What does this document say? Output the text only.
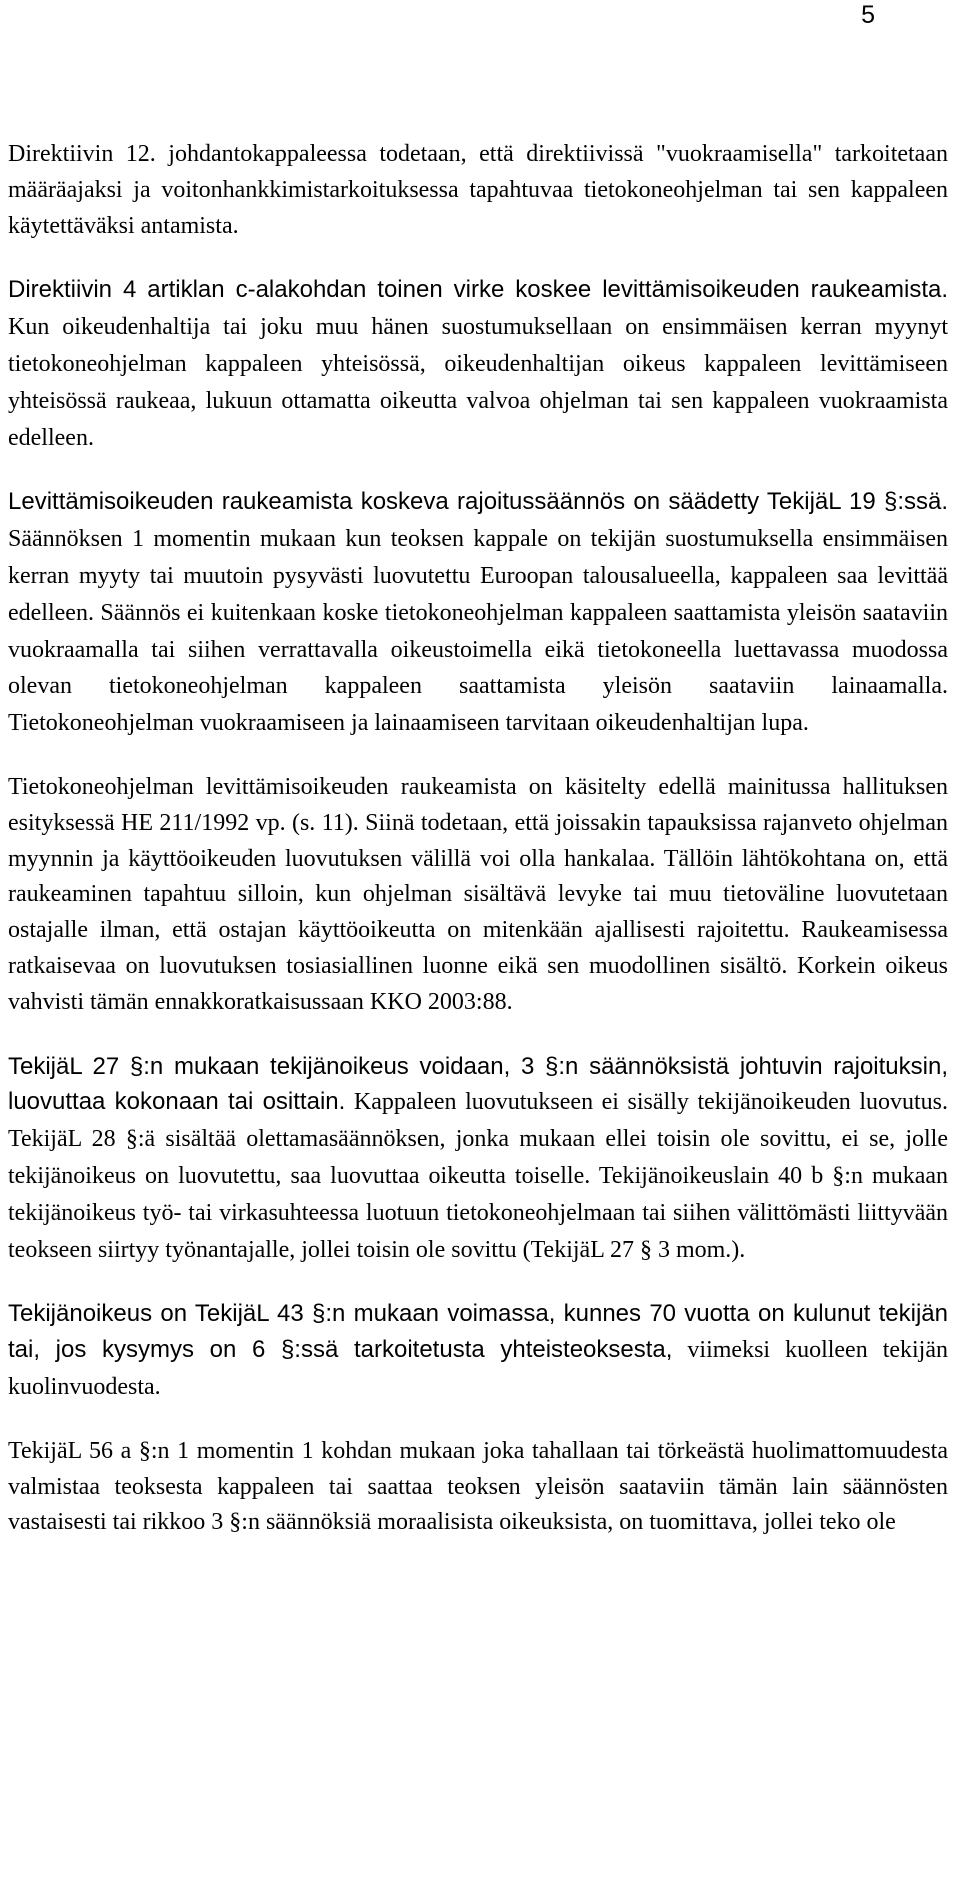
5

Direktiivin 12. johdantokappaleessa todetaan, että direktiivissä "vuokraamisella" tarkoitetaan määräajaksi ja voitonhankkimistarkoituksessa tapahtuvaa tietokoneohjelman tai sen kappaleen käytettäväksi antamista.

Direktiivin 4 artiklan c-alakohdan toinen virke koskee levittämisoikeuden raukeamista. Kun oikeudenhaltija tai joku muu hänen suostumuksellaan on ensimmäisen kerran myynyt tietokoneohjelman kappaleen yhteisössä, oikeudenhaltijan oikeus kappaleen levittämiseen yhteisössä raukeaa, lukuun ottamatta oikeutta valvoa ohjelman tai sen kappaleen vuokraamista edelleen.

Levittämisoikeuden raukeamista koskeva rajoitussäännös on säädetty TekijäL 19 §:ssä. Säännöksen 1 momentin mukaan kun teoksen kappale on tekijän suostumuksella ensimmäisen kerran myyty tai muutoin pysyvästi luovutettu Euroopan talousalueella, kappaleen saa levittää edelleen. Säännös ei kuitenkaan koske tietokoneohjelman kappaleen saattamista yleisön saataviin vuokraamalla tai siihen verrattavalla oikeustoimella eikä tietokoneella luettavassa muodossa olevan tietokoneohjelman kappaleen saattamista yleisön saataviin lainaamalla. Tietokoneohjelman vuokraamiseen ja lainaamiseen tarvitaan oikeudenhaltijan lupa.

Tietokoneohjelman levittämisoikeuden raukeamista on käsitelty edellä mainitussa hallituksen esityksessä HE 211/1992 vp. (s. 11). Siinä todetaan, että joissakin tapauksissa rajanveto ohjelman myynnin ja käyttöoikeuden luovutuksen välillä voi olla hankalaa. Tällöin lähtökohtana on, että raukeaminen tapahtuu silloin, kun ohjelman sisältävä levyke tai muu tietoväline luovutetaan ostajalle ilman, että ostajan käyttöoikeutta on mitenkään ajallisesti rajoitettu. Raukeamisessa ratkaisevaa on luovutuksen tosiasiallinen luonne eikä sen muodollinen sisältö. Korkein oikeus vahvisti tämän ennakkoratkaisussaan KKO 2003:88.

TekijäL 27 §:n mukaan tekijänoikeus voidaan, 3 §:n säännöksistä johtuvin rajoituksin, luovuttaa kokonaan tai osittain. Kappaleen luovutukseen ei sisälly tekijänoikeuden luovutus. TekijäL 28 §:ä sisältää olettamasäännöksen, jonka mukaan ellei toisin ole sovittu, ei se, jolle tekijänoikeus on luovutettu, saa luovuttaa oikeutta toiselle. Tekijänoikeuslain 40 b §:n mukaan tekijänoikeus työ- tai virkasuhteessa luotuun tietokoneohjelmaan tai siihen välittömästi liittyvään teokseen siirtyy työnantajalle, jollei toisin ole sovittu (TekijäL 27 § 3 mom.).

Tekijänoikeus on TekijäL 43 §:n mukaan voimassa, kunnes 70 vuotta on kulunut tekijän tai, jos kysymys on 6 §:ssä tarkoitetusta yhteisteoksesta, viimeksi kuolleen tekijän kuolinvuodesta.

TekijäL 56 a §:n 1 momentin 1 kohdan mukaan joka tahallaan tai törkeästä huolimattomuudesta valmistaa teoksesta kappaleen tai saattaa teoksen yleisön saataviin tämän lain säännösten vastaisesti tai rikkoo 3 §:n säännöksiä moraalisista oikeuksista, on tuomittava, jollei teko ole
